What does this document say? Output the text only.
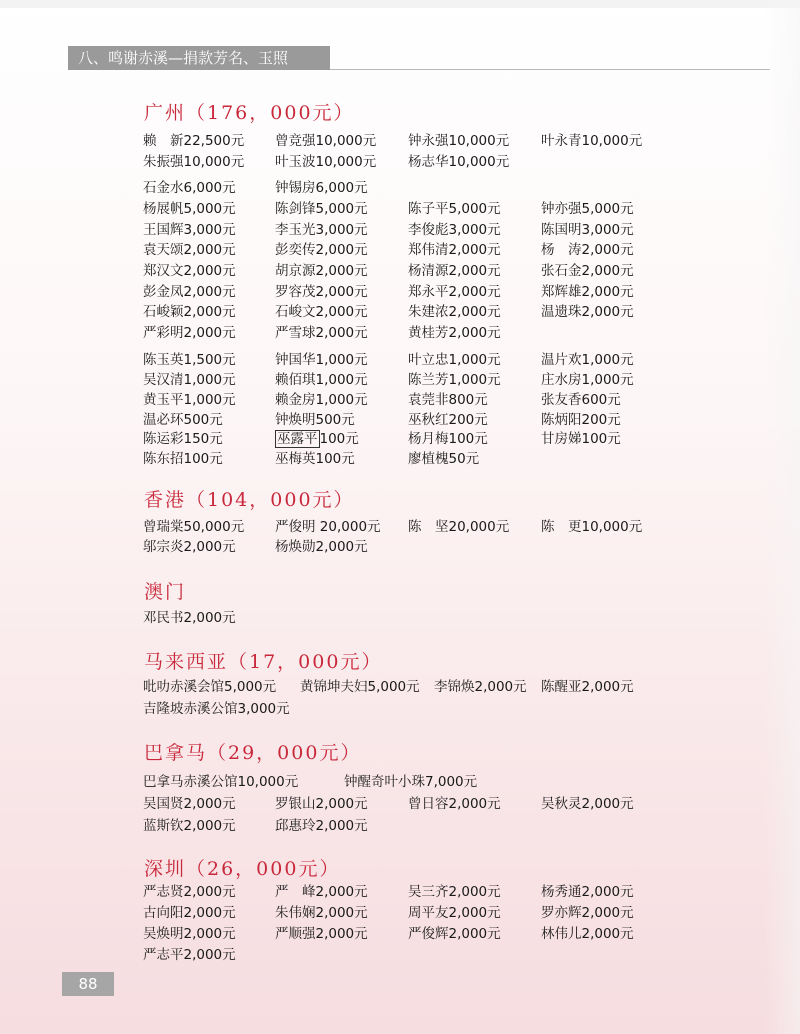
八、鸣谢赤溪—捐款芳名、玉照
广州（176，000元）
赖　新22,500元 曾竞强10,000元 钟永强10,000元 叶永青10,000元
朱振强10,000元 叶玉波10,000元 杨志华10,000元
石金水6,000元	钟锡房6,000元
杨展帆5,000元	陈剑锋5,000元	陈子平5,000元	钟亦强5,000元
王国辉3,000元	李玉光3,000元	李俊彪3,000元	陈国明3,000元
袁天颂2,000元	彭奕传2,000元	郑伟清2,000元	杨　涛2,000元
郑汉文2,000元	胡京源2,000元	杨清源2,000元	张石金2,000元
彭金凤2,000元	罗容茂2,000元	郑永平2,000元	郑辉雄2,000元
石峻颖2,000元	石峻文2,000元	朱建浓2,000元	温遗珠2,000元
严彩明2,000元	严雪球2,000元	黄桂芳2,000元
陈玉英1,500元	钟国华1,000元	叶立忠1,000元	温片欢1,000元
吴汉清1,000元	赖佰琪1,000元	陈兰芳1,000元	庄水房1,000元
黄玉平1,000元	赖金房1,000元	袁莞非800元	张友香600元
温必环500元	钟焕明500元	巫秋红200元	陈炳阳200元
陈运彩150元	巫露平 100元	杨月梅100元	甘房娣100元
陈东招100元	巫梅英100元	廖植槐50元
香港（104，000元）
曾瑞棠50,000元 严俊明 20,000元 陈　坚20,000元 陈　更10,000元
邬宗炎2,000元	杨焕勋2,000元
澳门
邓民书2,000元
马来西亚（17，000元）
吡叻赤溪会馆5,000元 黄锦坤夫妇5,000元 李锦焕2,000元 陈醒亚2,000元
吉隆坡赤溪公馆3,000元
巴拿马（29，000元）
巴拿马赤溪公馆10,000元	钟醒奇叶小珠7,000元
吴国贤2,000元	罗银山2,000元	曾日容2,000元	吴秋灵2,000元
蓝斯钦2,000元	邱惠玲2,000元
深圳（26，000元）
严志贤2,000元	严　峰2,000元	吴三齐2,000元	杨秀通2,000元
古向阳2,000元	朱伟娴2,000元	周平友2,000元	罗亦辉2,000元
吴焕明2,000元	严顺强2,000元	严俊辉2,000元	林伟儿2,000元
严志平2,000元
88
